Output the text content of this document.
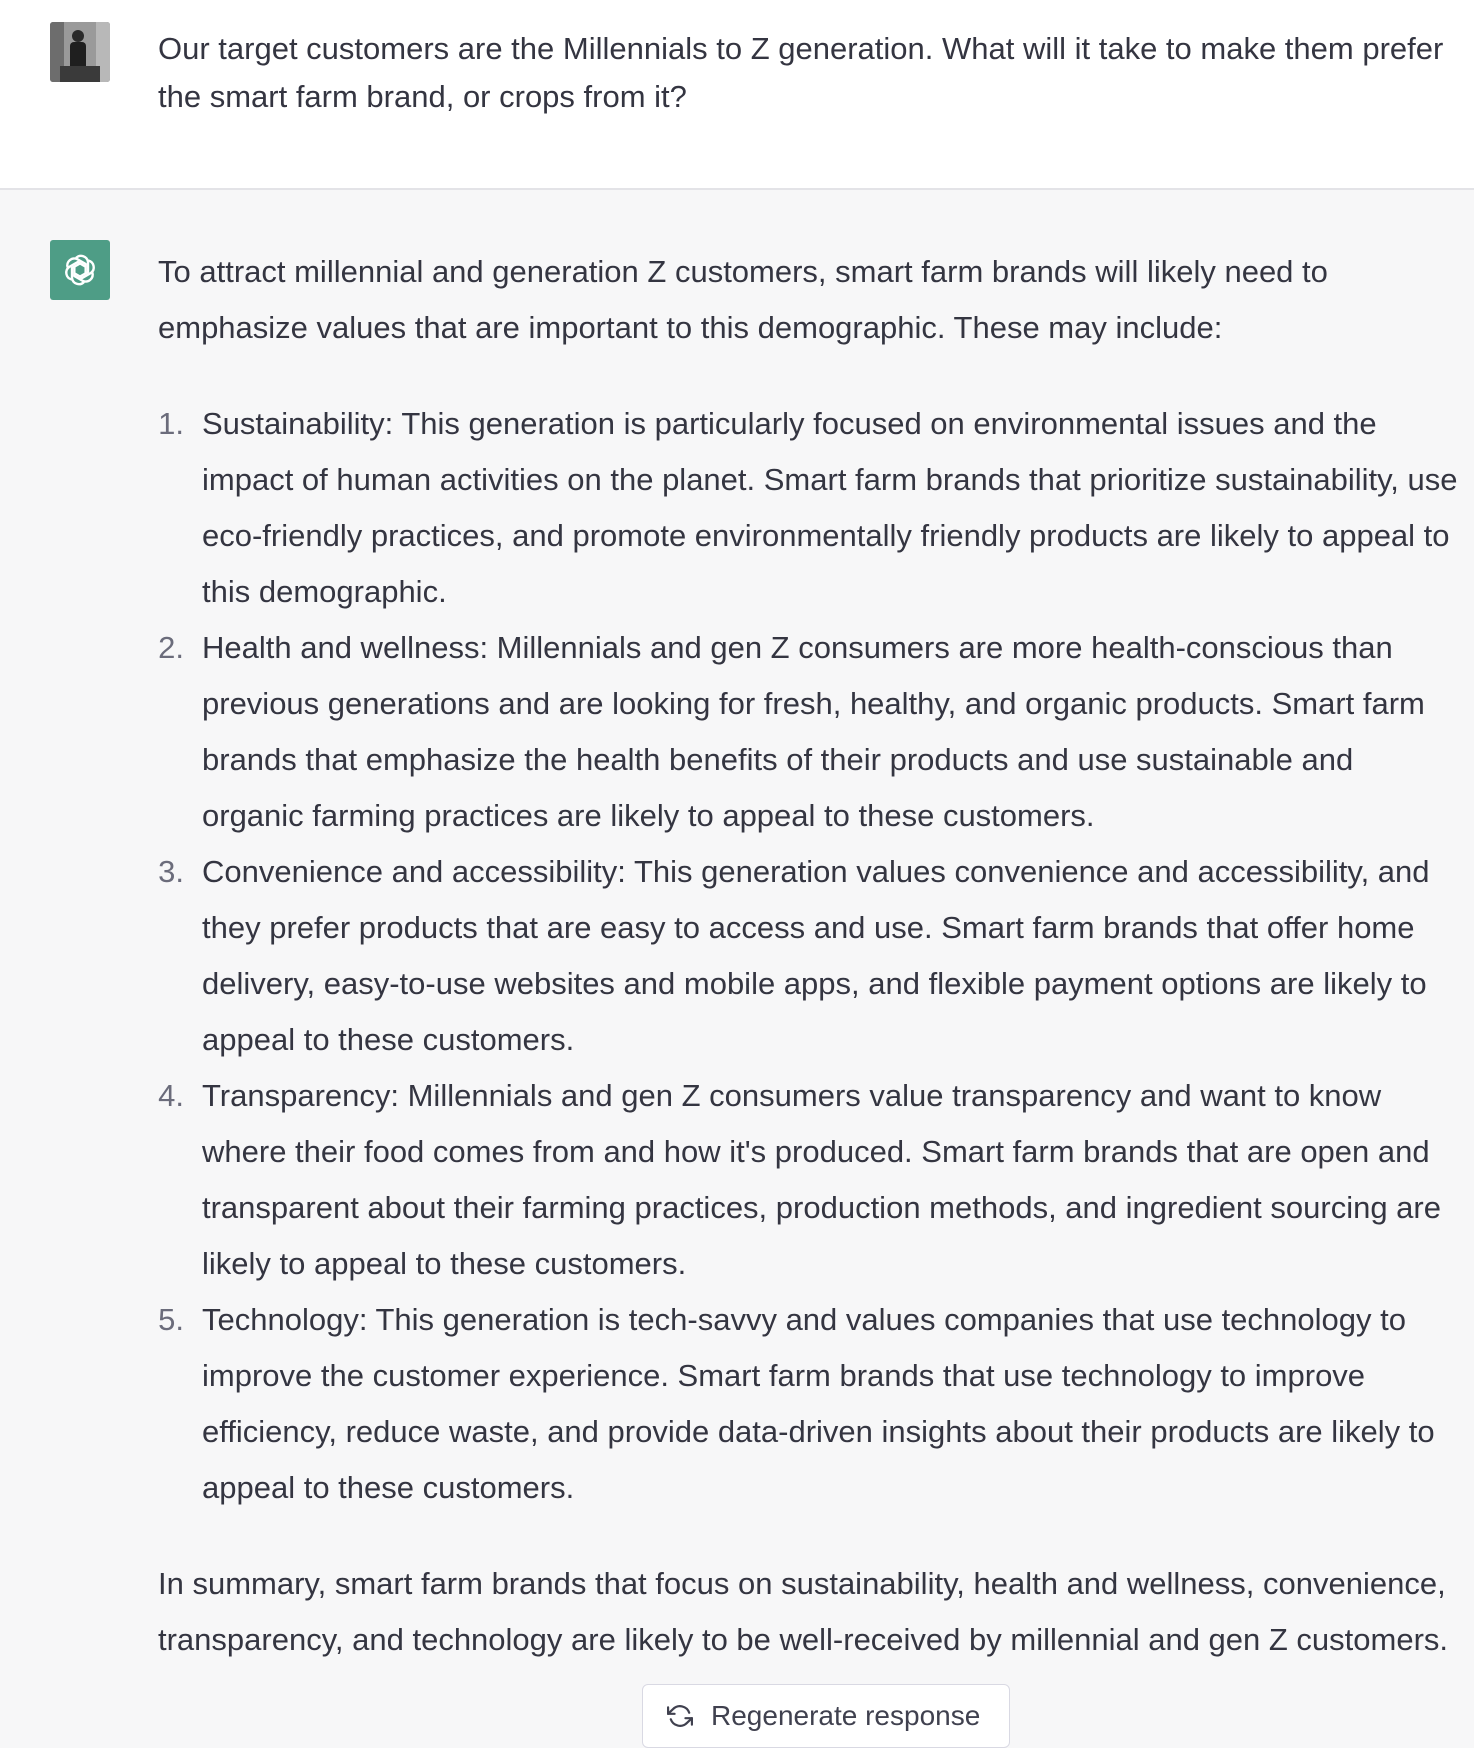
Our target customers are the Millennials to Z generation. What will it take to make them prefer the smart farm brand, or crops from it?

To attract millennial and generation Z customers, smart farm brands will likely need to emphasize values that are important to this demographic. These may include:

1. Sustainability: This generation is particularly focused on environmental issues and the impact of human activities on the planet. Smart farm brands that prioritize sustainability, use eco-friendly practices, and promote environmentally friendly products are likely to appeal to this demographic.
2. Health and wellness: Millennials and gen Z consumers are more health-conscious than previous generations and are looking for fresh, healthy, and organic products. Smart farm brands that emphasize the health benefits of their products and use sustainable and organic farming practices are likely to appeal to these customers.
3. Convenience and accessibility: This generation values convenience and accessibility, and they prefer products that are easy to access and use. Smart farm brands that offer home delivery, easy-to-use websites and mobile apps, and flexible payment options are likely to appeal to these customers.
4. Transparency: Millennials and gen Z consumers value transparency and want to know where their food comes from and how it's produced. Smart farm brands that are open and transparent about their farming practices, production methods, and ingredient sourcing are likely to appeal to these customers.
5. Technology: This generation is tech-savvy and values companies that use technology to improve the customer experience. Smart farm brands that use technology to improve efficiency, reduce waste, and provide data-driven insights about their products are likely to appeal to these customers.

In summary, smart farm brands that focus on sustainability, health and wellness, convenience, transparency, and technology are likely to be well-received by millennial and gen Z customers.

Regenerate response
